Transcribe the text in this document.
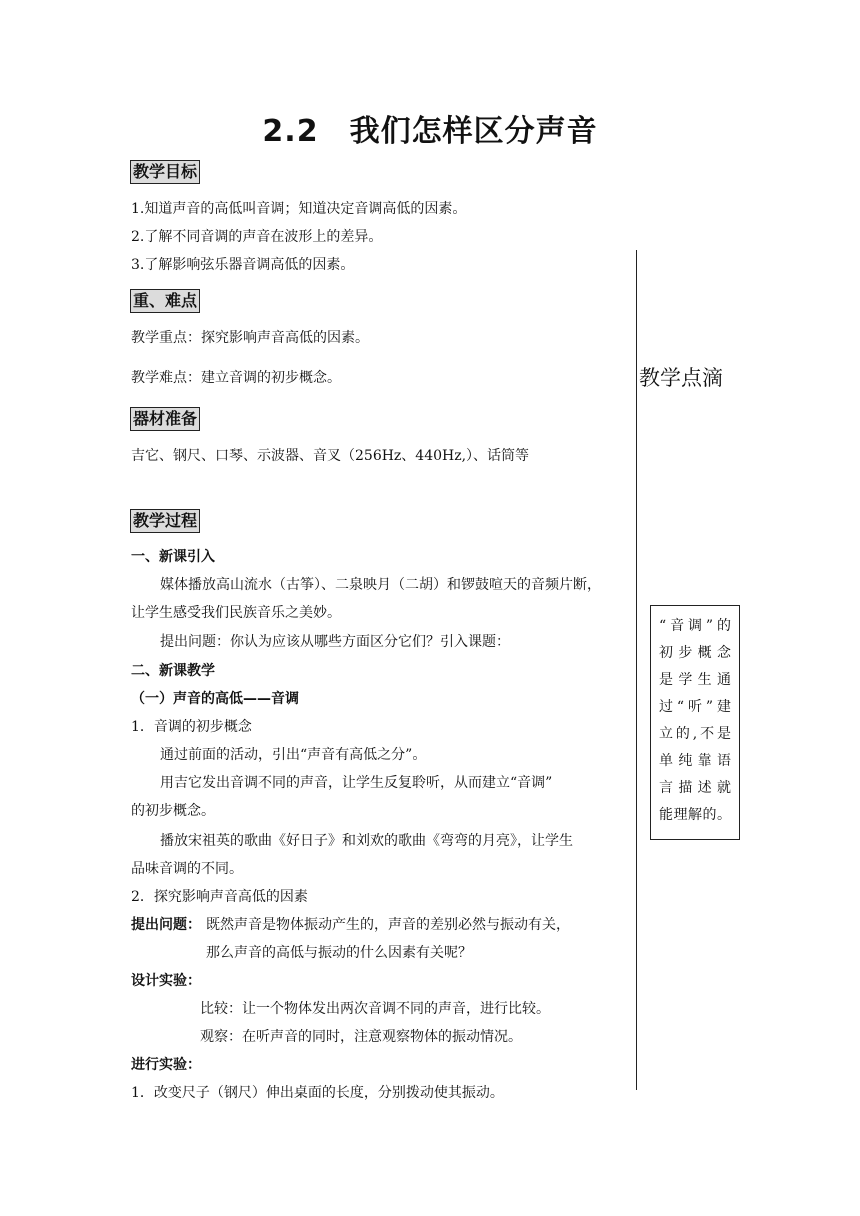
2.2　我们怎样区分声音
教学目标
1.知道声音的高低叫音调；知道决定音调高低的因素。
2.了解不同音调的声音在波形上的差异。
3.了解影响弦乐器音调高低的因素。
重、难点
教学重点：探究影响声音高低的因素。
教学难点：建立音调的初步概念。
器材准备
吉它、钢尺、口琴、示波器、音叉（256Hz、440Hz,）、话筒等
教学过程
一、新课引入
媒体播放高山流水（古筝）、二泉映月（二胡）和锣鼓喧天的音频片断，
让学生感受我们民族音乐之美妙。
提出问题：你认为应该从哪些方面区分它们？引入课题：
二、新课教学
（一）声音的高低——音调
1．音调的初步概念
通过前面的活动，引出“声音有高低之分”。
用吉它发出音调不同的声音，让学生反复聆听，从而建立“音调”
的初步概念。
播放宋祖英的歌曲《好日子》和刘欢的歌曲《弯弯的月亮》，让学生
品味音调的不同。
2．探究影响声音高低的因素
提出问题： 既然声音是物体振动产生的，声音的差别必然与振动有关，
那么声音的高低与振动的什么因素有关呢？
设计实验：
比较：让一个物体发出两次音调不同的声音，进行比较。
观察：在听声音的同时，注意观察物体的振动情况。
进行实验：
1．改变尺子（钢尺）伸出桌面的长度，分别拨动使其振动。
教学点滴
“音调”的
初步概念
是学生通
过“听”建
立的,不是
单纯靠语
言描述就
能理解的。
